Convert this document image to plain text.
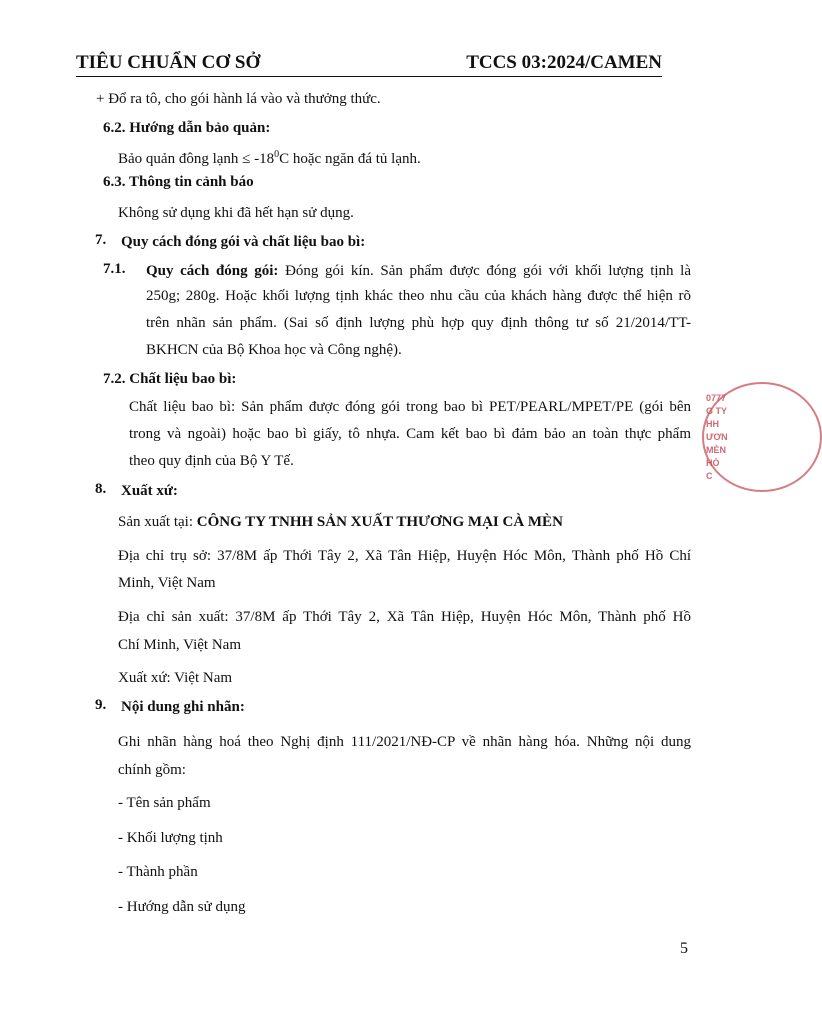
TIÊU CHUẨN CƠ SỞ	TCCS 03:2024/CAMEN
+ Đổ ra tô, cho gói hành lá vào và thưởng thức.
6.2. Hướng dẫn bảo quản:
Bảo quản đông lạnh ≤ $-18^0C$ hoặc ngăn đá tủ lạnh.
6.3. Thông tin cảnh báo
Không sử dụng khi đã hết hạn sử dụng.
7. Quy cách đóng gói và chất liệu bao bì:
7.1. Quy cách đóng gói: Đóng gói kín. Sản phẩm được đóng gói với khối lượng tịnh là
250g; 280g. Hoặc khối lượng tịnh khác theo nhu cầu của khách hàng được thể hiện rõ
trên nhãn sản phẩm. (Sai số định lượng phù hợp quy định thông tư số 21/2014/TT-
BKHCN của Bộ Khoa học và Công nghệ).
7.2. Chất liệu bao bì:
Chất liệu bao bì: Sản phẩm được đóng gói trong bao bì PET/PEARL/MPET/PE (gói bên
trong và ngoài) hoặc bao bì giấy, tô nhựa. Cam kết bao bì đảm bảo an toàn thực phẩm
theo quy định của Bộ Y Tế.
8. Xuất xứ:
Sản xuất tại: CÔNG TY TNHH SẢN XUẤT THƯƠNG MẠI CÀ MÈN
Địa chỉ trụ sở: 37/8M ấp Thới Tây 2, Xã Tân Hiệp, Huyện Hóc Môn, Thành phố Hồ Chí
Minh, Việt Nam
Địa chỉ sản xuất: 37/8M ấp Thới Tây 2, Xã Tân Hiệp, Huyện Hóc Môn, Thành phố Hồ
Chí Minh, Việt Nam
Xuất xứ: Việt Nam
9. Nội dung ghi nhãn:
Ghi nhãn hàng hoá theo Nghị định 111/2021/NĐ-CP về nhãn hàng hóa. Những nội dung
chính gồm:
- Tên sản phẩm
- Khối lượng tịnh
- Thành phần
- Hướng dẫn sử dụng
0777
G TY
HH
ƯƠN
MÈN
HÓ C
5
